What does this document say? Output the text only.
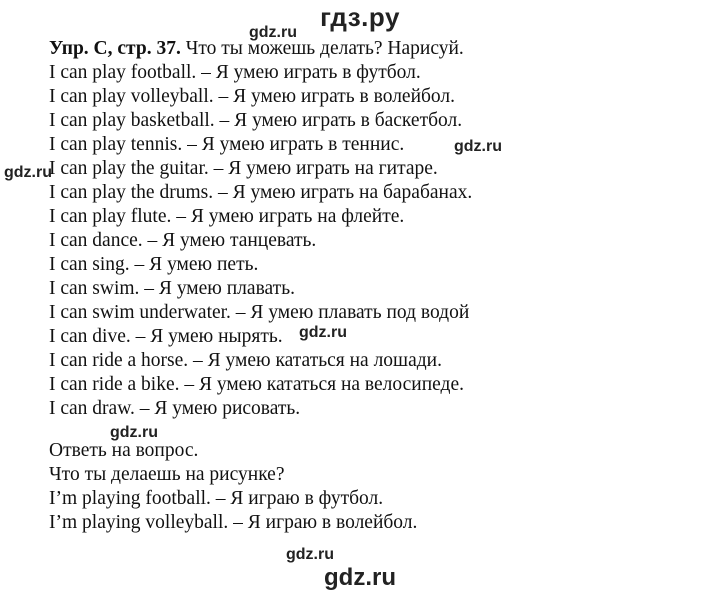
гдз.ру
gdz.ru
gdz.ru
gdz.ru
gdz.ru
gdz.ru
gdz.ru
Упр. С, стр. 37. Что ты можешь делать? Нарисуй.
I can play football. – Я умею играть в футбол.
I can play volleyball. – Я умею играть в волейбол.
I can play basketball. – Я умею играть в баскетбол.
I can play tennis. – Я умею играть в теннис.
I can play the guitar. – Я умею играть на гитаре.
I can play the drums. – Я умею играть на барабанах.
I can play flute. – Я умею играть на флейте.
I can dance. – Я умею танцевать.
I can sing. – Я умею петь.
I can swim. – Я умею плавать.
I can swim underwater. – Я умею плавать под водой
I can dive. – Я умею нырять.
I can ride a horse. – Я умею кататься на лошади.
I can ride a bike. – Я умею кататься на велосипеде.
I can draw. – Я умею рисовать.
Ответь на вопрос.
Что ты делаешь на рисунке?
I’m playing football. – Я играю в футбол.
I’m playing volleyball. – Я играю в волейбол.
gdz.ru
